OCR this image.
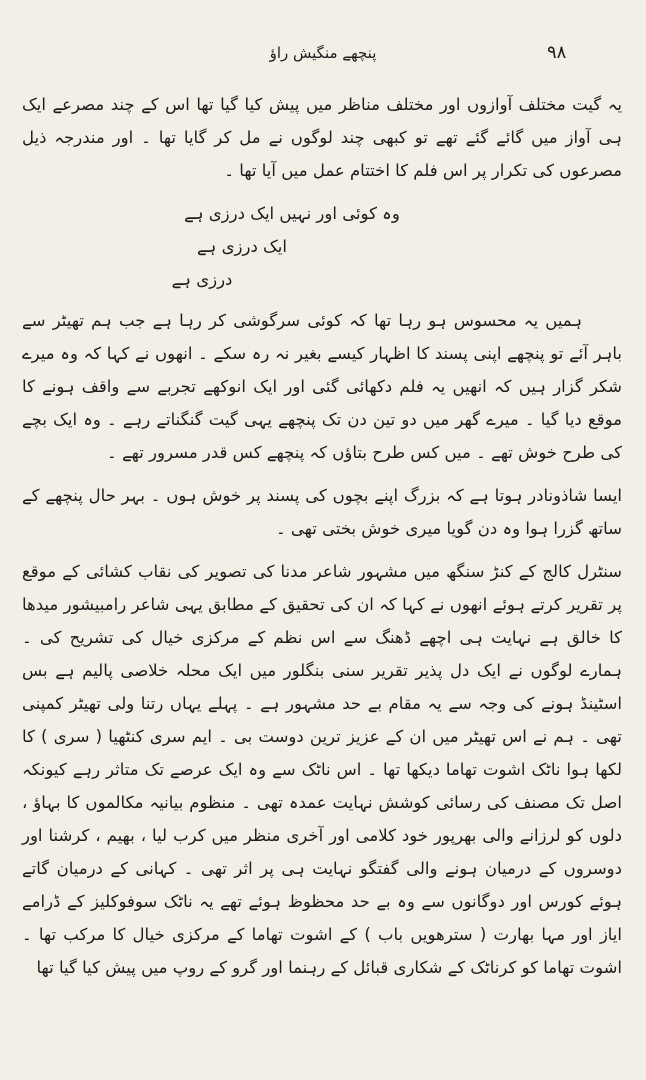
۹۸
پنچھے منگیش راؤ

یہ گیت مختلف آوازوں اور مختلف مناظر میں پیش کیا گیا تھا اس کے چند مصرعے ایک ہی آواز میں گائے گئے تھے تو کبھی چند لوگوں نے مل کر گایا تھا ۔ اور مندرجہ ذیل مصرعوں کی تکرار پر اس فلم کا اختتام عمل میں آیا تھا ۔

وہ کوئی اور نہیں ایک درزی ہے

ایک درزی ہے

درزی ہے

ہمیں یہ محسوس ہو رہا تھا کہ کوئی سرگوشی کر رہا ہے جب ہم تھیٹر سے باہر آئے تو پنچھے اپنی پسند کا اظہار کیسے بغیر نہ رہ سکے ۔ انھوں نے کہا کہ وہ میرے شکر گزار ہیں کہ انھیں یہ فلم دکھائی گئی اور ایک انوکھے تجربے سے واقف ہونے کا موقع دیا گیا ۔ میرے گھر میں دو تین دن تک پنچھے یہی گیت گنگناتے رہے ۔ وہ ایک بچے کی طرح خوش تھے ۔ میں کس طرح بتاؤں کہ پنچھے کس قدر مسرور تھے ۔

ایسا شاذونادر ہوتا ہے کہ بزرگ اپنے بچوں کی پسند پر خوش ہوں ۔ بہر حال پنچھے کے ساتھ گزرا ہوا وہ دن گویا میری خوش بختی تھی ۔

سنٹرل کالج کے کنڑ سنگھ میں مشہور شاعر مدنا کی تصویر کی نقاب کشائی کے موقع پر تقریر کرتے ہوئے انھوں نے کہا کہ ان کی تحقیق کے مطابق یہی شاعر رامبیشور میدھا کا خالق ہے نہایت ہی اچھے ڈھنگ سے اس نظم کے مرکزی خیال کی تشریح کی ۔ ہمارے لوگوں نے ایک دل پذیر تقریر سنی بنگلور میں ایک محلہ خلاصی پالیم ہے بس اسٹینڈ ہونے کی وجہ سے یہ مقام بے حد مشہور ہے ۔ پہلے یہاں رتنا ولی تھیٹر کمپنی تھی ۔ ہم نے اس تھیٹر میں ان کے عزیز ترین دوست بی ۔ ایم سری کنٹھیا ( سری ) کا لکھا ہوا ناٹک اشوت تھاما دیکھا تھا ۔ اس ناٹک سے وہ ایک عرصے تک متاثر رہے کیونکہ اصل تک مصنف کی رسائی کوشش نہایت عمدہ تھی ۔ منظوم بیانیہ مکالموں کا بہاؤ ، دلوں کو لرزانے والی بھرپور خود کلامی اور آخری منظر میں کرب لیا ، بھیم ، کرشنا اور دوسروں کے درمیان ہونے والی گفتگو نہایت ہی پر اثر تھی ۔ کہانی کے درمیان گاتے ہوئے کورس اور دوگانوں سے وہ بے حد محظوظ ہوئے تھے یہ ناٹک سوفوکلیز کے ڈرامے ایاز اور مہا بھارت ( سترھویں باب ) کے اشوت تھاما کے مرکزی خیال کا مرکب تھا ۔ اشوت تھاما کو کرناٹک کے شکاری قبائل کے رہنما اور گرو کے روپ میں پیش کیا گیا تھا
